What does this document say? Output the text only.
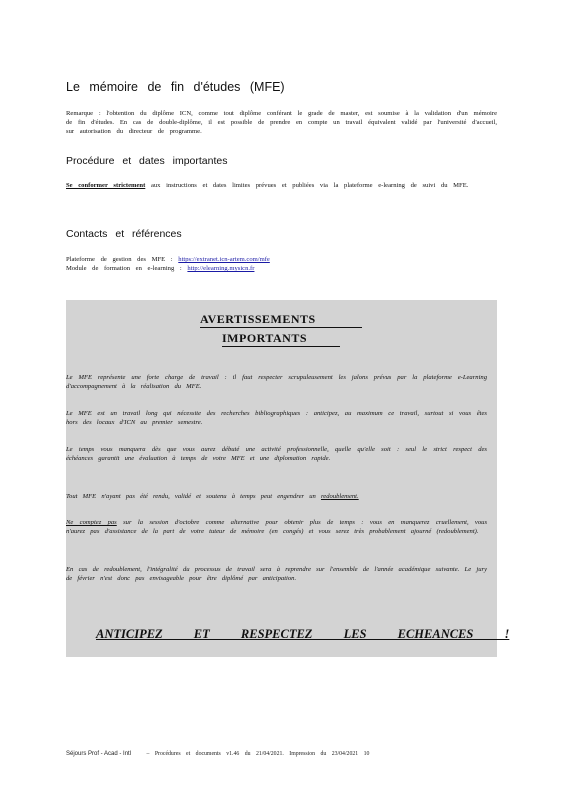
Le mémoire de fin d'études (MFE)
Remarque : l'obtention du diplôme ICN, comme tout diplôme conférant le grade de master, est soumise à la validation d'un mémoire de fin d'études. En cas de double-diplôme, il est possible de prendre en compte un travail équivalent validé par l'université d'accueil, sur autorisation du directeur de programme.
Procédure et dates importantes
Se conformer strictement aux instructions et dates limites prévues et publiées via la plateforme e-learning de suivi du MFE.
Contacts et références
Plateforme de gestion des MFE : https://extranet.icn-artem.com/mfe
Module de formation en e-learning : http://elearning.mysicn.fr
AVERTISSEMENTS
IMPORTANTS
Le MFE représente une forte charge de travail : il faut respecter scrupuleusement les jalons prévus par la plateforme e-Learning d'accompagnement à la réalisation du MFE.
Le MFE est un travail long qui nécessite des recherches bibliographiques : anticipez, au maximum ce travail, surtout si vous êtes hors des locaux d'ICN au premier semestre.
Le temps vous manquera dès que vous aurez débuté une activité professionnelle, quelle qu'elle soit : seul le strict respect des échéances garantit une évaluation à temps de votre MFE et une diplomation rapide.
Tout MFE n'ayant pas été rendu, validé et soutenu à temps peut engendrer un redoublement.
Ne comptez pas sur la session d'octobre comme alternative pour obtenir plus de temps : vous en manquerez cruellement, vous n'aurez pas d'assistance de la part de votre tuteur de mémoire (en congés) et vous serez très probablement ajourné (redoublement).
En cas de redoublement, l'intégralité du processus de travail sera à reprendre sur l'ensemble de l'année académique suivante. Le jury de février n'est donc pas envisageable pour être diplômé par anticipation.
ANTICIPEZ ET RESPECTEZ LES ECHEANCES !
Séjours Prof - Acad - Intl	– Procédures et documents v1.46 du 21/04/2021. Impression du 23/04/2021 10
